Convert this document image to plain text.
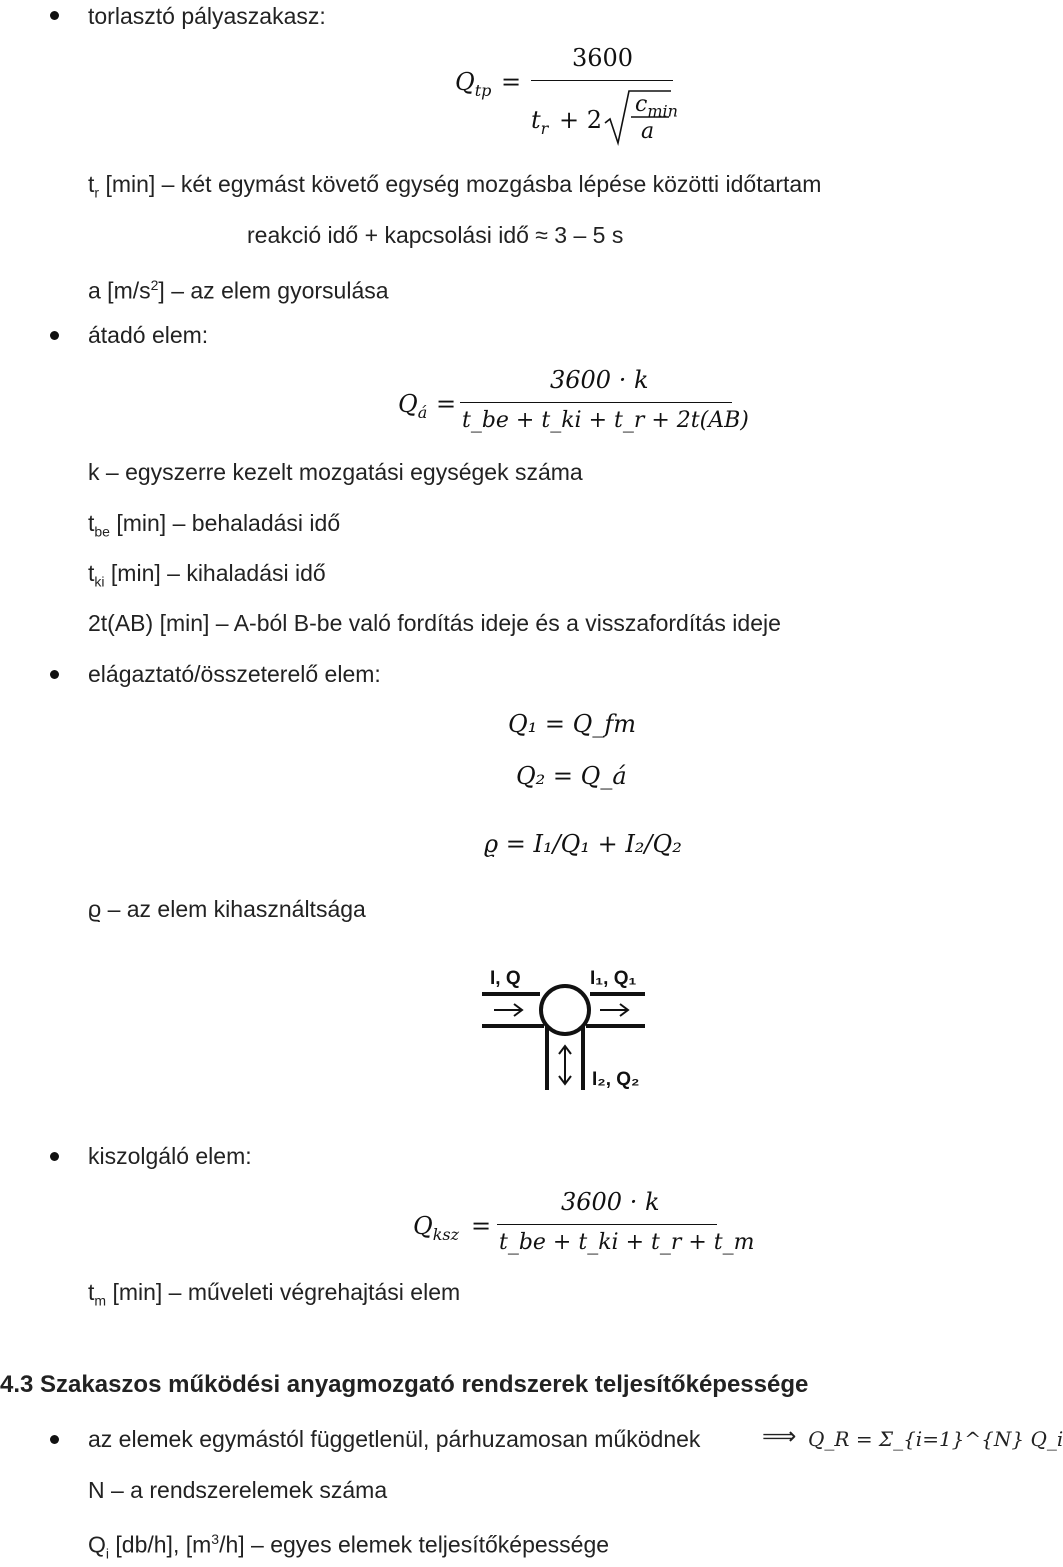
torlasztó pályaszakasz:
$Q_{tp}$ =
3600
$t_r + 2$
$c_{min}$
a
$t_r$ [min] – két egymást követő egység mozgásba lépése közötti időtartam
reakció idő + kapcsolási idő ≈ 3 – 5 s
a $[m/s^2]$ – az elem gyorsulása
átadó elem:
$Q_á$ =
3600 · k
t_be + t_ki + t_r + 2t(AB)
k – egyszerre kezelt mozgatási egységek száma
$t_{be}$ [min] – behaladási idő
$t_{ki}$ [min] – kihaladási idő
2t(AB) [min] – A-ból B-be való fordítás ideje és a visszafordítás ideje
elágaztató/összeterelő elem:
Q₁ = Q_fm
Q₂ = Q_á
ϱ = I₁/Q₁ + I₂/Q₂
ϱ – az elem kihasználtsága
I, Q	I₁, Q₁
I₂, Q₂
kiszolgáló elem:
$Q_{ksz}$ =
3600 · k
t_be + t_ki + t_r + t_m
$t_m$ [min] – műveleti végrehajtási elem
4.3 Szakaszos működési anyagmozgató rendszerek teljesítőképessége
az elemek egymástól függetlenül, párhuzamosan működnek	⟹ Q_R = Σ_{i=1}^{N} Q_i
N – a rendszerelemek száma
$Q_i$ [db/h], $[m^3/h]$ – egyes elemek teljesítőképessége
